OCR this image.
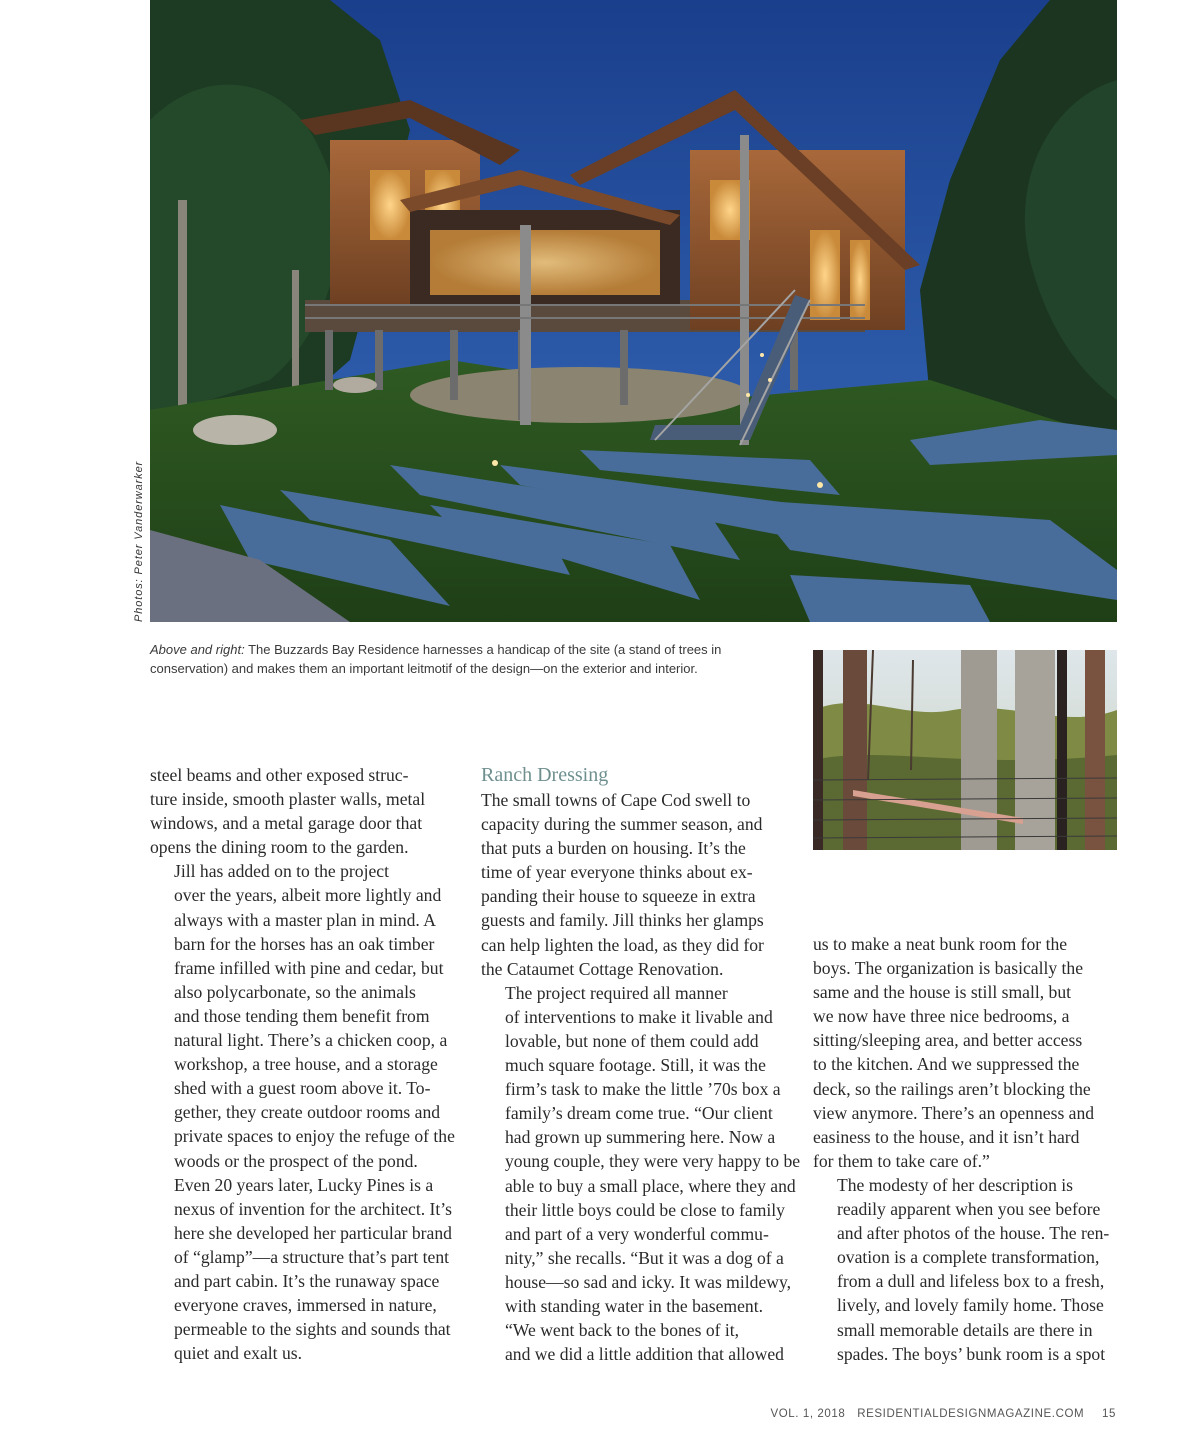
Photos: Peter Vanderwarker
Above and right: The Buzzards Bay Residence harnesses a handicap of the site (a stand of trees in conservation) and makes them an important leitmotif of the design—on the exterior and interior.

steel beams and other exposed struc-
ture inside, smooth plaster walls, metal
windows, and a metal garage door that
opens the dining room to the garden.

Jill has added on to the project
over the years, albeit more lightly and
always with a master plan in mind. A
barn for the horses has an oak timber
frame infilled with pine and cedar, but
also polycarbonate, so the animals
and those tending them benefit from
natural light. There’s a chicken coop, a
workshop, a tree house, and a storage
shed with a guest room above it. To-
gether, they create outdoor rooms and
private spaces to enjoy the refuge of the
woods or the prospect of the pond.

Even 20 years later, Lucky Pines is a
nexus of invention for the architect. It’s
here she developed her particular brand
of “glamp”—a structure that’s part tent
and part cabin. It’s the runaway space
everyone craves, immersed in nature,
permeable to the sights and sounds that
quiet and exalt us.

Ranch Dressing

The small towns of Cape Cod swell to
capacity during the summer season, and
that puts a burden on housing. It’s the
time of year everyone thinks about ex-
panding their house to squeeze in extra
guests and family. Jill thinks her glamps
can help lighten the load, as they did for
the Cataumet Cottage Renovation.

The project required all manner
of interventions to make it livable and
lovable, but none of them could add
much square footage. Still, it was the
firm’s task to make the little ’70s box a
family’s dream come true. “Our client
had grown up summering here. Now a
young couple, they were very happy to be
able to buy a small place, where they and
their little boys could be close to family
and part of a very wonderful commu-
nity,” she recalls. “But it was a dog of a
house—so sad and icky. It was mildewy,
with standing water in the basement.

“We went back to the bones of it,
and we did a little addition that allowed

us to make a neat bunk room for the
boys. The organization is basically the
same and the house is still small, but
we now have three nice bedrooms, a
sitting/sleeping area, and better access
to the kitchen. And we suppressed the
deck, so the railings aren’t blocking the
view anymore. There’s an openness and
easiness to the house, and it isn’t hard
for them to take care of.”

The modesty of her description is
readily apparent when you see before
and after photos of the house. The ren-
ovation is a complete transformation,
from a dull and lifeless box to a fresh,
lively, and lovely family home. Those
small memorable details are there in
spades. The boys’ bunk room is a spot

VOL. 1, 2018 RESIDENTIALDESIGNMAGAZINE.COM 15
